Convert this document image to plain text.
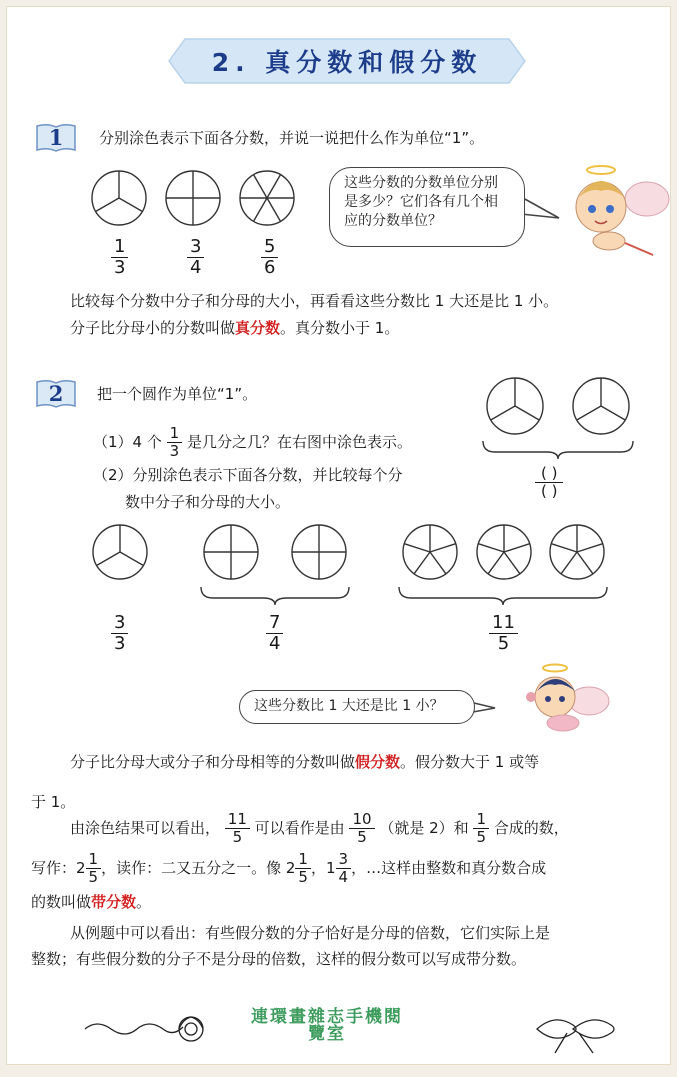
2. 真分数和假分数
1	分别涂色表示下面各分数，并说一说把什么作为单位“1”。
$\frac{1}{3}$	$\frac{3}{4}$	$\frac{5}{6}$
这些分数的分数单位分别是多少？它们各有几个相应的分数单位？
比较每个分数中分子和分母的大小，再看看这些分数比 1 大还是比 1 小。
分子比分母小的分数叫做真分数。真分数小于 1。
2	把一个圆作为单位“1”。
（1）4 个 $\frac{1}{3}$ 是几分之几？在右图中涂色表示。
（2）分别涂色表示下面各分数，并比较每个分
数中分子和分母的大小。
( )
( )
$\frac{3}{3}$	$\frac{7}{4}$	$\frac{11}{5}$
这些分数比 1 大还是比 1 小？
分子比分母大或分子和分母相等的分数叫做假分数。假分数大于 1 或等
于 1。
由涂色结果可以看出， $\frac{11}{5}$ 可以看作是由 $\frac{10}{5}$ （就是 2）和 $\frac{1}{5}$ 合成的数，
写作：$2 \frac{1}{5}$ ，读作：二又五分之一。像 $2 \frac{1}{5}$ ，$1 \frac{3}{4}$ ，…这样由整数和真分数合成
的数叫做带分数。
从例题中可以看出：有些假分数的分子恰好是分母的倍数，它们实际上是
整数；有些假分数的分子不是分母的倍数，这样的假分数可以写成带分数。
連環畫雜志手機閱
覽室
